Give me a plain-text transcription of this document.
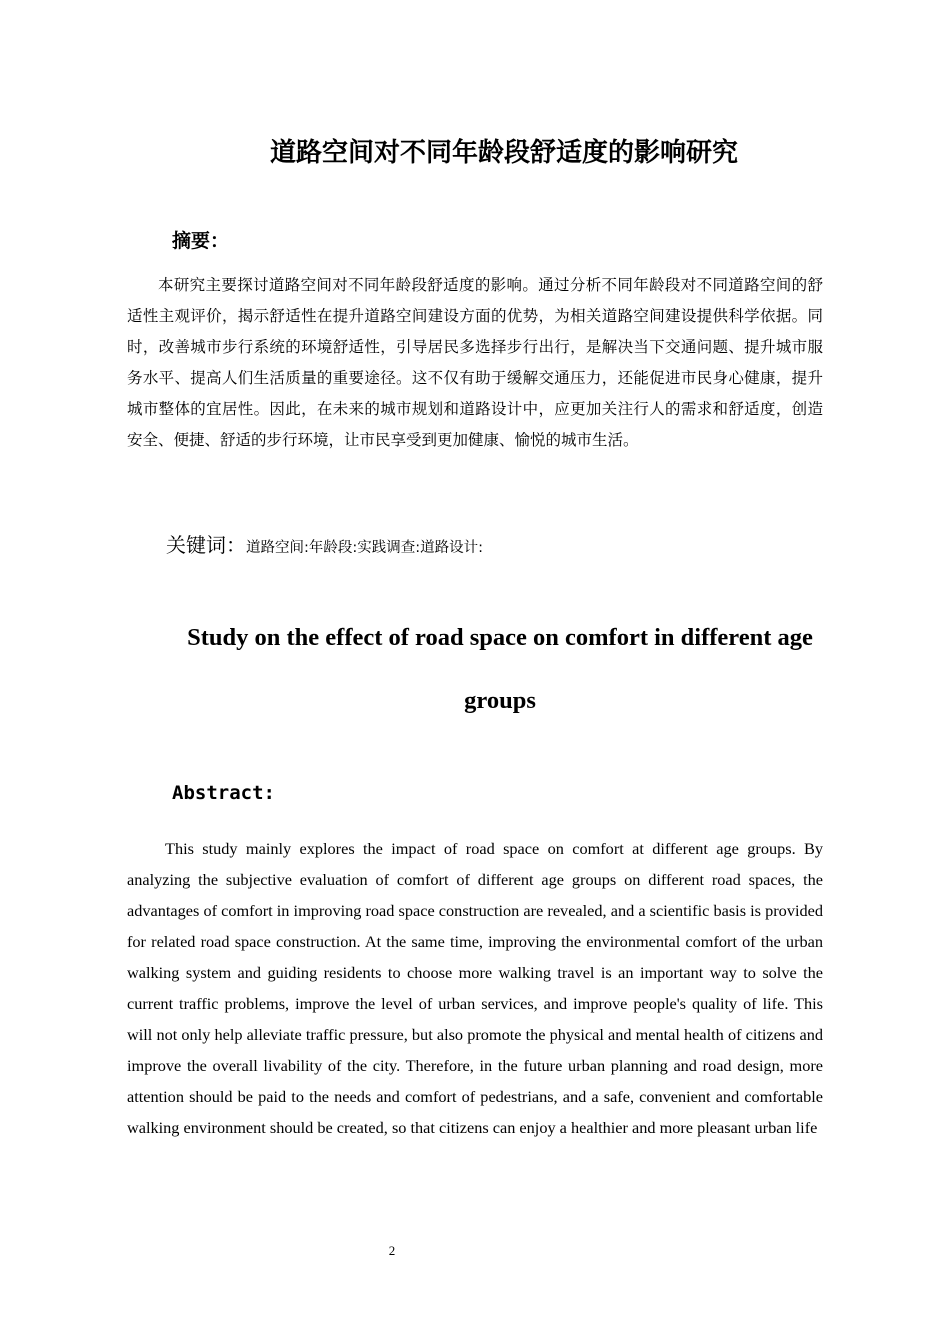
道路空间对不同年龄段舒适度的影响研究
摘要：

本研究主要探讨道路空间对不同年龄段舒适度的影响。通过分析不同年龄段对不同道路空间的舒适性主观评价，揭示舒适性在提升道路空间建设方面的优势，为相关道路空间建设提供科学依据。同时，改善城市步行系统的环境舒适性，引导居民多选择步行出行，是解决当下交通问题、提升城市服务水平、提高人们生活质量的重要途径。这不仅有助于缓解交通压力，还能促进市民身心健康，提升城市整体的宜居性。因此，在未来的城市规划和道路设计中，应更加关注行人的需求和舒适度，创造安全、便捷、舒适的步行环境，让市民享受到更加健康、愉悦的城市生活。

关键词：道路空间:年龄段:实践调查:道路设计:

Study on the effect of road space on comfort in different age groups
Abstract:

This study mainly explores the impact of road space on comfort at different age groups. By analyzing the subjective evaluation of comfort of different age groups on different road spaces, the advantages of comfort in improving road space construction are revealed, and a scientific basis is provided for related road space construction. At the same time, improving the environmental comfort of the urban walking system and guiding residents to choose more walking travel is an important way to solve the current traffic problems, improve the level of urban services, and improve people's quality of life. This will not only help alleviate traffic pressure, but also promote the physical and mental health of citizens and improve the overall livability of the city. Therefore, in the future urban planning and road design, more attention should be paid to the needs and comfort of pedestrians, and a safe, convenient and comfortable walking environment should be created, so that citizens can enjoy a healthier and more pleasant urban life

2
